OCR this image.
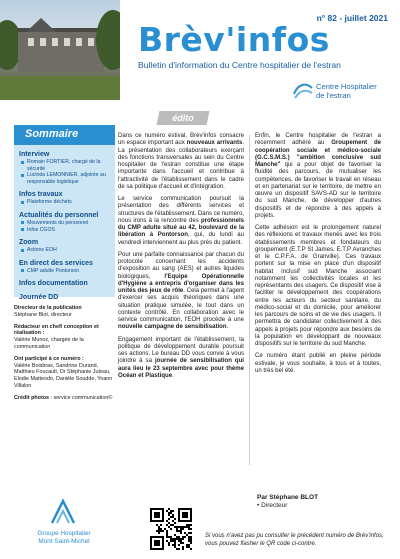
n° 82 - juillet 2021
Brèv'infos
Bulletin d'information du Centre hospitalier de l'estran
Centre Hospitalier
de l'estran
Sommaire
Interview
Romain FORTIER, chargé de la sécurité
Lucinda LEMONNIER, adjointe au responsable logistique
Infos travaux
Plateforme déchets
Actualités du personnel
Mouvements du personnel
Infos CGOS
Zoom
Actions EOH
En direct des services
CMP adulte Pontorson
Infos documentation
Journée DD
Directeur de la publication
Stéphane Blot, directeur
Rédacteur en chef/ conception et réalisation :
Valérie Munoz, chargée de la communication
Ont participé à ce numéro :
Valérie Boisbras, Sandrine Durand, Matthieu Foucault, Dr Stéphanie Juteau, Elodie Matteodo, Danièle Soudde, Yoann Villalon
Crédit photos : service communication©
édito

Dans ce numéro estival, Brèv'infos consacre un espace important aux nouveaux arrivants. La présentation des collaborateurs exerçant des fonctions transversales au sein du Centre hospitalier de l'estran constitue une étape importante dans l'accueil et contribue à l'attractivité de l'établissement dans le cadre de sa politique d'accueil et d'intégration.

Le service communication poursuit la présentation des différents services et structures de l'établissement. Dans ce numéro, nous irons à la rencontre des professionnels du CMP adulte situé au 42, boulevard de la libération à Pontorson, qui, du lundi au vendredi interviennent au plus près du patient.

Pour une parfaite connaissance par chacun du protocole concernant les accidents d'exposition au sang (AES) et autres liquides biologiques, l'Equipe Opérationnelle d'Hygiène a entrepris d'organiser dans les unités des jeux de rôle. Cela permet à l'agent d'exercer ses acquis théoriques dans une situation pratique simulée, le tout dans un contexte contrôlé. En collaboration avec le service communication, l'EOH procède à une nouvelle campagne de sensibilisation.

Engagement important de l'établissement, la politique de développement durable poursuit ses actions. Le bureau DD vous convie à vous joindre à sa journée de sensibilisation qui aura lieu le 23 septembre avec pour thème Océan et Plastique.

Enfin, le Centre hospitalier de l'estran a récemment adhéré au Groupement de coopération sociale et médico-sociale (G.C.S.M.S.) "ambition conclusive sud Manche" qui a pour objet de favoriser la fluidité des parcours, de mutualiser les compétences, de favoriser le travail en réseau et en partenariat sur le territoire, de mettre en œuvre un dispositif SAVS-AD sur le territoire du sud Manche, de développer d'autres dispositifs et de répondre à des appels à projets.

Cette adhésion est le prolongement naturel des réflexions et travaux menés avec les trois établissements membres et fondateurs du groupement (E.T.P St James, E.T.P Avranches et le C.P.F.A. de Granville). Ces travaux portent sur la mise en place d'un dispositif habitat inclusif sud Manche associant notamment les collectivités locales et les représentants des usagers. Ce dispositif vise à faciliter le développement des coopérations entre les acteurs du secteur sanitaire, du médico-social et du domicile, pour améliorer les parcours de soins et de vie des usagers. Il permettra de candidater collectivement à des appels à projets pour répondre aux besoins de la population en développant de nouveaux dispositifs sur le territoire du sud Manche.

Ce numéro étant publié en pleine période estivale, je vous souhaite, à tous et à toutes, un très bel été.

Par Stéphane BLOT
• Directeur
Groupe Hospitalier
Mont Saint-Michel
Si vous n'avez pas pu consulter le précédent numéro de Brèv'infos, vous pouvez flasher le QR code ci-contre.
